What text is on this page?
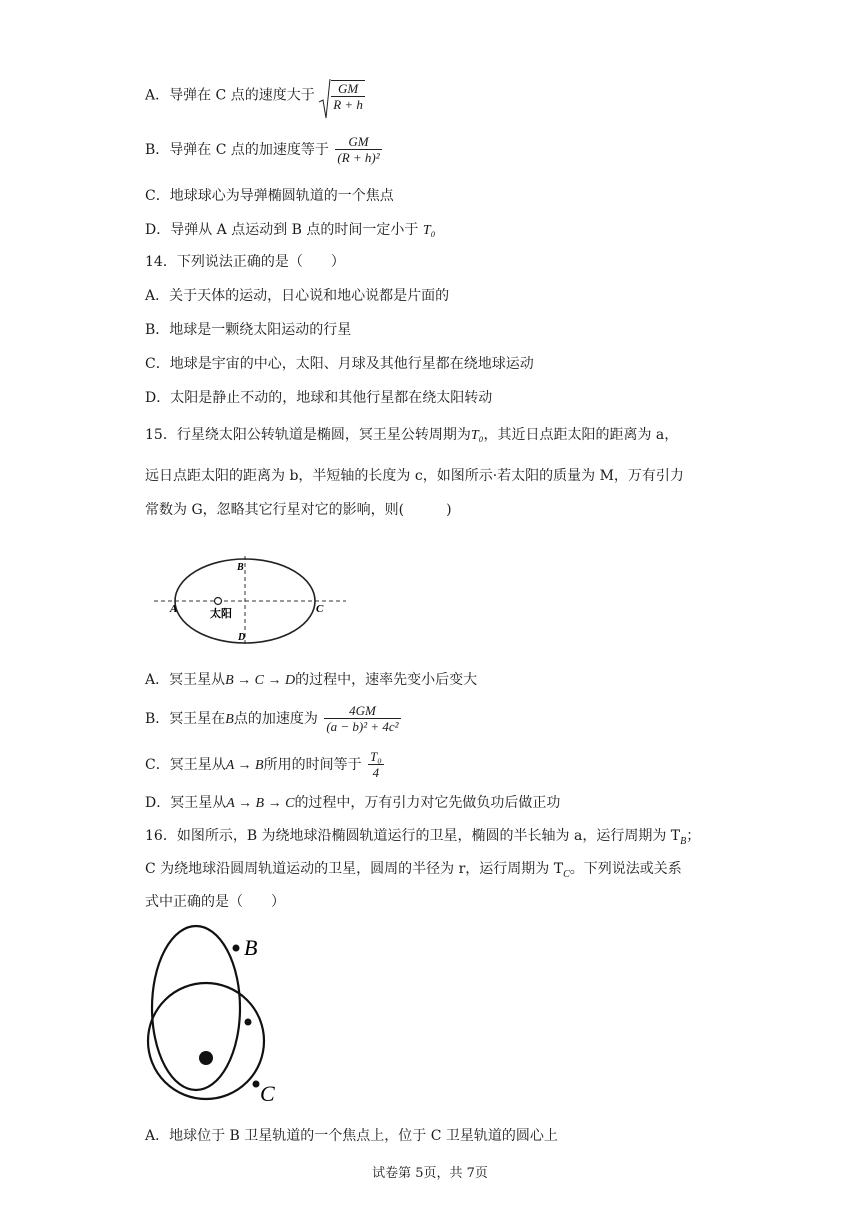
A．导弹在 C 点的速度大于 $\frac{GM}{R + h}$
B．导弹在 C 点的加速度等于 $\frac{GM}{\text{(R + h)²}}$
C．地球球心为导弹椭圆轨道的一个焦点
D．导弹从 A 点运动到 B 点的时间一定小于 T₀
14．下列说法正确的是（　　）
A．关于天体的运动，日心说和地心说都是片面的
B．地球是一颗绕太阳运动的行星
C．地球是宇宙的中心，太阳、月球及其他行星都在绕地球运动
D．太阳是静止不动的，地球和其他行星都在绕太阳转动
15．行星绕太阳公转轨道是椭圆，冥王星公转周期为T₀，其近日点距太阳的距离为 a，
远日点距太阳的距离为 b，半短轴的长度为 c，如图所示·若太阳的质量为 M，万有引力
常数为 G，忽略其它行星对它的影响，则(　　　)
太阳
A
B
C
D
A．冥王星从B → C → D的过程中，速率先变小后变大
B．冥王星在B点的加速度为 $\frac{4GM}{\text{(a − b)² + 4c²}}$
C．冥王星从A → B所用的时间等于 $\frac{\text{T₀}}{4}$
D．冥王星从A → B → C的过程中，万有引力对它先做负功后做正功
16．如图所示，B 为绕地球沿椭圆轨道运行的卫星，椭圆的半长轴为 a，运行周期为 $T_B$；
C 为绕地球沿圆周轨道运动的卫星，圆周的半径为 r，运行周期为 $T_C$。下列说法或关系
式中正确的是（　　）
B
C
A．地球位于 B 卫星轨道的一个焦点上，位于 C 卫星轨道的圆心上
试卷第 5页，共 7页
